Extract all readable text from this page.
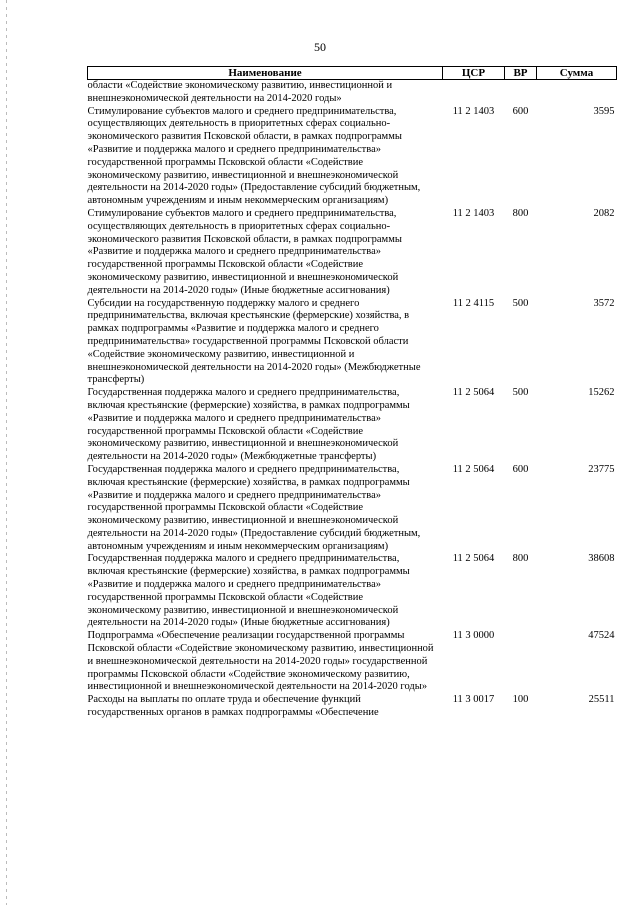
50
Наименование	ЦСР	ВР	Сумма
области «Содействие экономическому развитию, инвестиционной и внешнеэкономической деятельности на 2014-2020 годы»			
Стимулирование субъектов малого и среднего предпринимательства, осуществляющих деятельность в приоритетных сферах социально-экономического развития Псковской области, в рамках подпрограммы «Развитие и поддержка малого и среднего предпринимательства» государственной программы Псковской области «Содействие экономическому развитию, инвестиционной и внешнеэкономической деятельности на 2014-2020 годы» (Предоставление субсидий бюджетным, автономным учреждениям и иным некоммерческим организациям)	11 2 1403	600	3595
Стимулирование субъектов малого и среднего предпринимательства, осуществляющих деятельность в приоритетных сферах социально-экономического развития Псковской области, в рамках подпрограммы «Развитие и поддержка малого и среднего предпринимательства» государственной программы Псковской области «Содействие экономическому развитию, инвестиционной и внешнеэкономической деятельности на 2014-2020 годы» (Иные бюджетные ассигнования)	11 2 1403	800	2082
Субсидии на государственную поддержку малого и среднего предпринимательства, включая крестьянские (фермерские) хозяйства, в рамках подпрограммы «Развитие и поддержка малого и среднего предпринимательства» государственной программы Псковской области «Содействие экономическому развитию, инвестиционной и внешнеэкономической деятельности на 2014-2020 годы» (Межбюджетные трансферты)	11 2 4115	500	3572
Государственная поддержка малого и среднего предпринимательства, включая крестьянские (фермерские) хозяйства, в рамках подпрограммы «Развитие и поддержка малого и среднего предпринимательства» государственной программы Псковской области «Содействие экономическому развитию, инвестиционной и внешнеэкономической деятельности на 2014-2020 годы» (Межбюджетные трансферты)	11 2 5064	500	15262
Государственная поддержка малого и среднего предпринимательства, включая крестьянские (фермерские) хозяйства, в рамках подпрограммы «Развитие и поддержка малого и среднего предпринимательства» государственной программы Псковской области «Содействие экономическому развитию, инвестиционной и внешнеэкономической деятельности на 2014-2020 годы» (Предоставление субсидий бюджетным, автономным учреждениям и иным некоммерческим организациям)	11 2 5064	600	23775
Государственная поддержка малого и среднего предпринимательства, включая крестьянские (фермерские) хозяйства, в рамках подпрограммы «Развитие и поддержка малого и среднего предпринимательства» государственной программы Псковской области «Содействие экономическому развитию, инвестиционной и внешнеэкономической деятельности на 2014-2020 годы» (Иные бюджетные ассигнования)	11 2 5064	800	38608
Подпрограмма «Обеспечение реализации государственной программы Псковской области «Содействие экономическому развитию, инвестиционной и внешнеэкономической деятельности на 2014-2020 годы» государственной программы Псковской области «Содействие экономическому развитию, инвестиционной и внешнеэкономической деятельности на 2014-2020 годы»	11 3 0000		47524
Расходы на выплаты по оплате труда и обеспечение функций государственных органов в рамках подпрограммы «Обеспечение	11 3 0017	100	25511
